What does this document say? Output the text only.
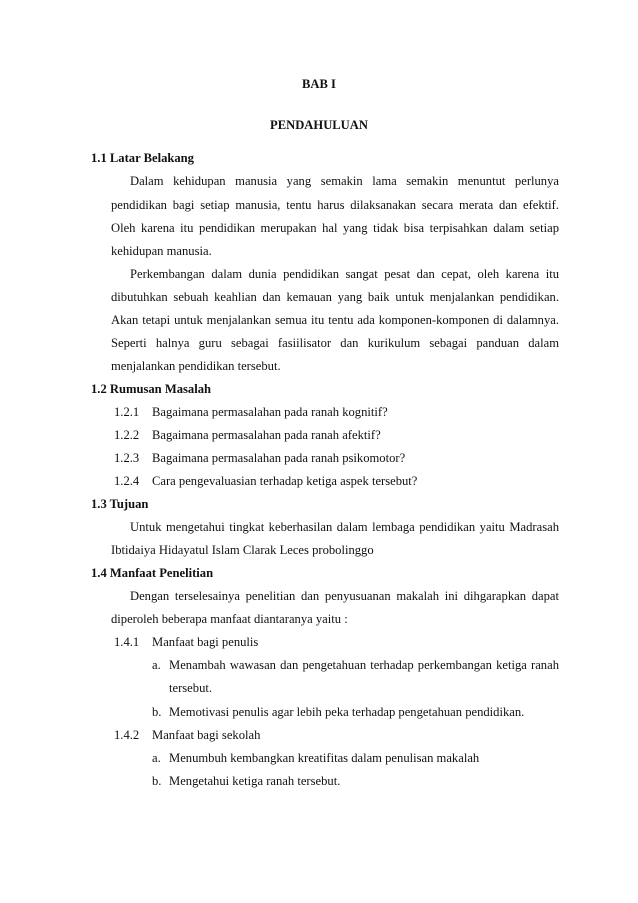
BAB I
PENDAHULUAN
1.1 Latar Belakang
Dalam kehidupan manusia yang semakin lama semakin menuntut perlunya
pendidikan bagi setiap manusia, tentu harus dilaksanakan secara merata dan efektif.
Oleh karena itu pendidikan merupakan hal yang tidak bisa terpisahkan dalam setiap
kehidupan manusia.
Perkembangan dalam dunia pendidikan sangat pesat dan cepat, oleh karena itu
dibutuhkan sebuah keahlian dan kemauan yang baik untuk menjalankan pendidikan.
Akan tetapi untuk menjalankan semua itu tentu ada komponen-komponen di dalamnya.
Seperti halnya guru sebagai fasiilisator dan kurikulum sebagai panduan dalam
menjalankan pendidikan tersebut.
1.2 Rumusan Masalah
1.2.1 Bagaimana permasalahan pada ranah kognitif?
1.2.2 Bagaimana permasalahan pada ranah afektif?
1.2.3 Bagaimana permasalahan pada ranah psikomotor?
1.2.4 Cara pengevaluasian terhadap ketiga aspek tersebut?
1.3 Tujuan
Untuk mengetahui tingkat keberhasilan dalam lembaga pendidikan yaitu Madrasah
Ibtidaiya Hidayatul Islam Clarak Leces probolinggo
1.4 Manfaat Penelitian
Dengan terselesainya penelitian dan penyusuanan makalah ini dihgarapkan dapat
diperoleh beberapa manfaat diantaranya yaitu :
1.4.1 Manfaat bagi penulis
a. Menambah wawasan dan pengetahuan terhadap perkembangan ketiga ranah
tersebut.
b. Memotivasi penulis agar lebih peka terhadap pengetahuan pendidikan.
1.4.2 Manfaat bagi sekolah
a. Menumbuh kembangkan kreatifitas dalam penulisan makalah
b. Mengetahui ketiga ranah tersebut.
